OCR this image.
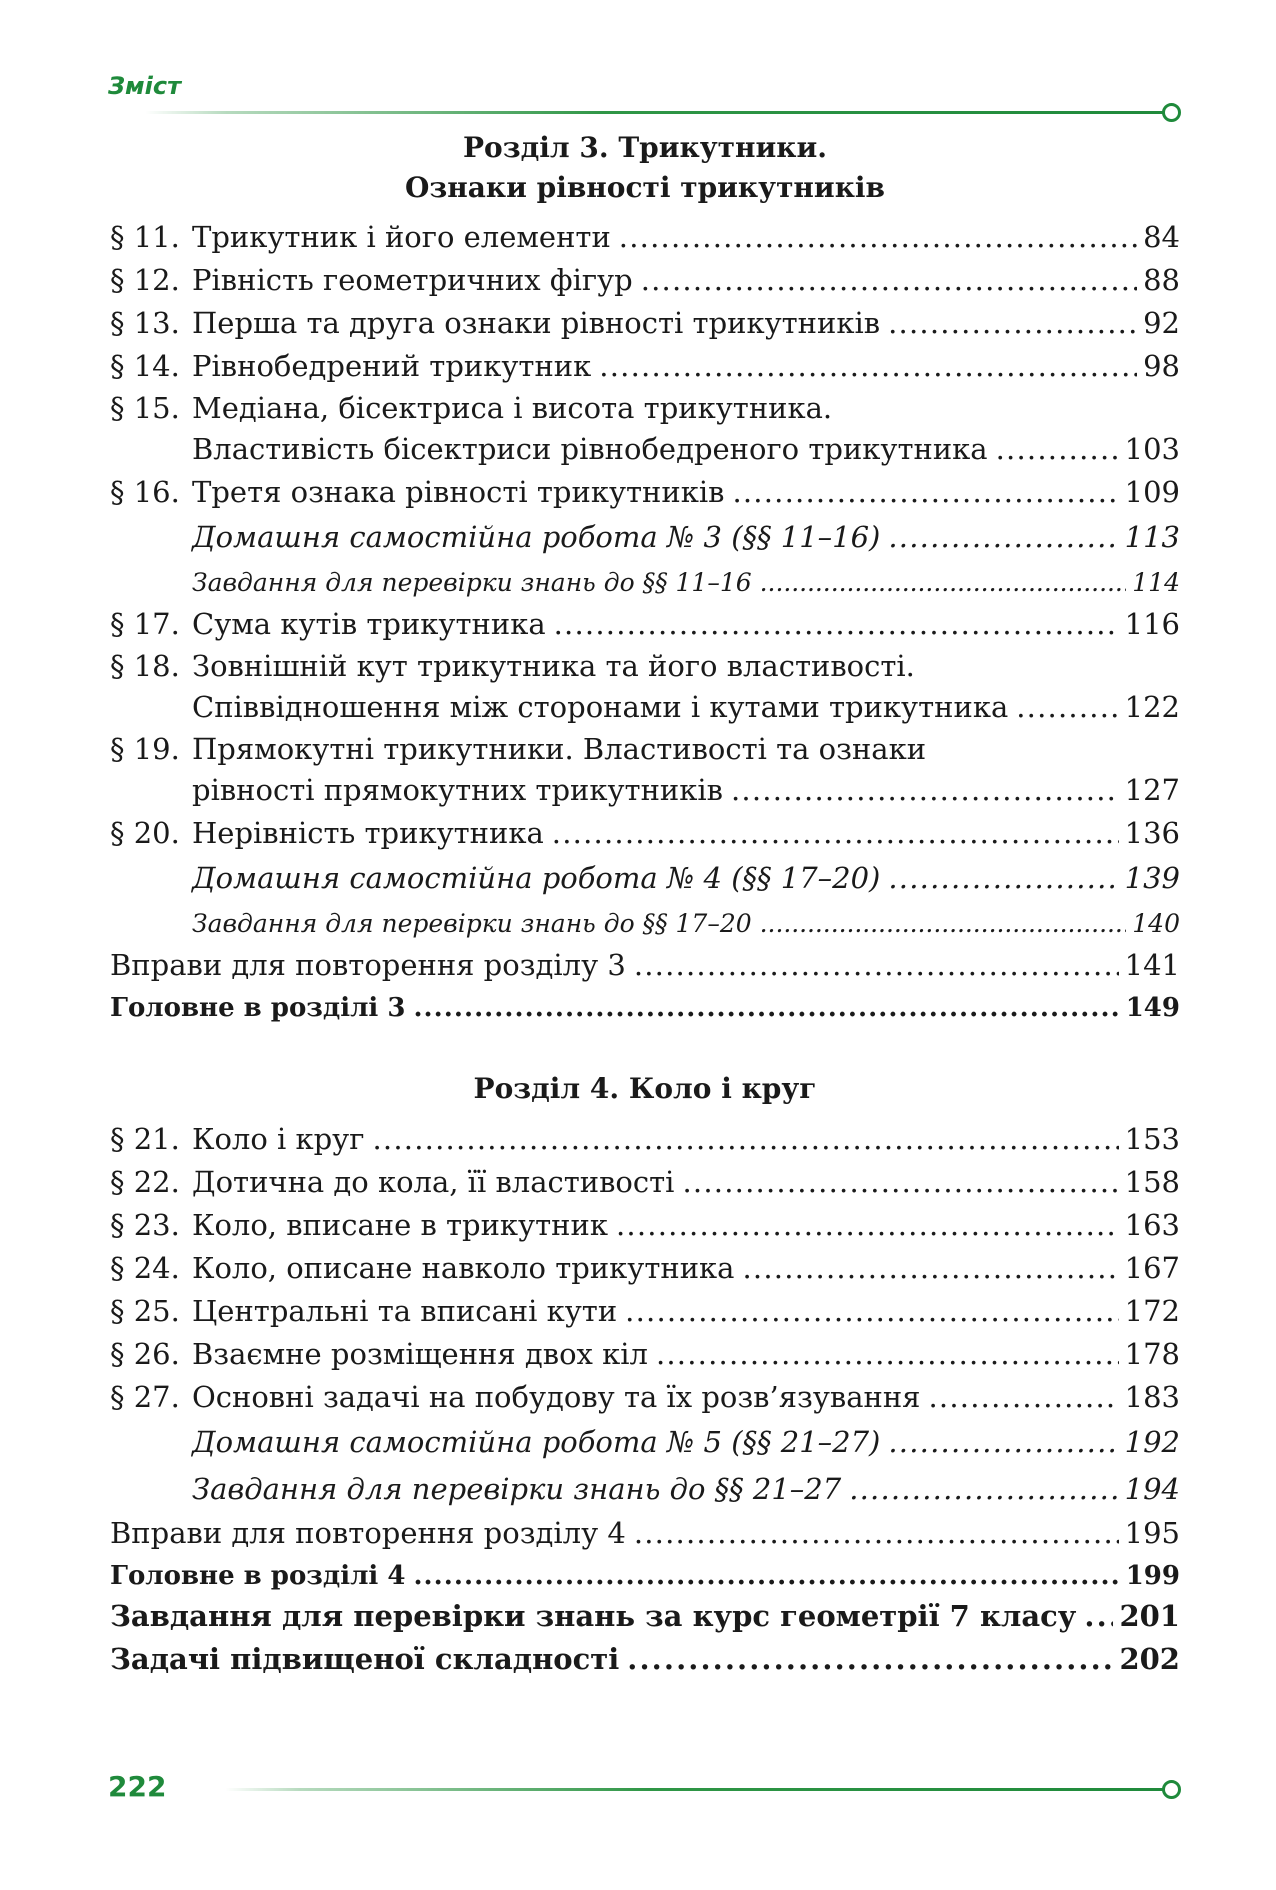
Зміст
Розділ 3. Трикутники.
Ознаки рівності трикутників
§ 11. Трикутник і його елементи . . .	84
§ 12. Рівність геометричних фігур . . .	88
§ 13. Перша та друга ознаки рівності трикутників . . .	92
§ 14. Рівнобедрений трикутник . . .	98
§ 15. Медіана, бісектриса і висота трикутника.
Властивість бісектриси рівнобедреного трикутника . . .	103
§ 16. Третя ознака рівності трикутників . . .	109
Домашня самостійна робота № 3 (§§ 11–16) . . .	113
Завдання для перевірки знань до §§ 11–16 . . .	114
§ 17. Сума кутів трикутника . . .	116
§ 18. Зовнішній кут трикутника та його властивості.
Співвідношення між сторонами і кутами трикутника . . .	122
§ 19. Прямокутні трикутники. Властивості та ознаки
рівності прямокутних трикутників . . .	127
§ 20. Нерівність трикутника . . .	136
Домашня самостійна робота № 4 (§§ 17–20) . . .	139
Завдання для перевірки знань до §§ 17–20 . . .	140
Вправи для повторення розділу 3 . . .	141
Головне в розділі 3 . . .	149
Розділ 4. Коло і круг
§ 21. Коло і круг . . .	153
§ 22. Дотична до кола, її властивості . . .	158
§ 23. Коло, вписане в трикутник . . .	163
§ 24. Коло, описане навколо трикутника . . .	167
§ 25. Центральні та вписані кути . . .	172
§ 26. Взаємне розміщення двох кіл . . .	178
§ 27. Основні задачі на побудову та їх розв’язування . . .	183
Домашня самостійна робота № 5 (§§ 21–27) . . .	192
Завдання для перевірки знань до §§ 21–27 . . .	194
Вправи для повторення розділу 4 . . .	195
Головне в розділі 4 . . .	199
Завдання для перевірки знань за курс геометрії 7 класу . . . 201
Задачі підвищеної складності . . .	202
222
